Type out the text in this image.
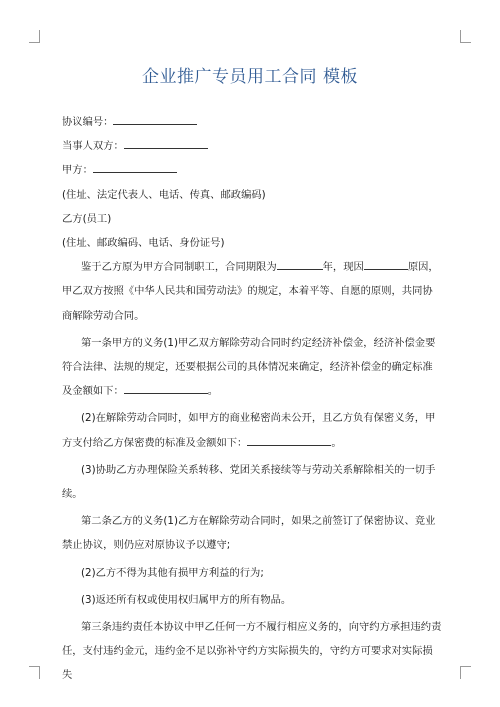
企业推广专员用工合同 模板

协议编号：

当事人双方：

甲方：

(住址、法定代表人、电话、传真、邮政编码)

乙方(员工)

(住址、邮政编码、电话、身份证号)

鉴于乙方原为甲方合同制职工，合同期限为	年，现因	原因，甲乙双方按照《中华人民共和国劳动法》的规定，本着平等、自愿的原则，共同协商解除劳动合同。

第一条甲方的义务(1)甲乙双方解除劳动合同时约定经济补偿金，经济补偿金要符合法律、法规的规定，还要根据公司的具体情况来确定，经济补偿金的确定标准及金额如下：	。

(2)在解除劳动合同时，如甲方的商业秘密尚未公开，且乙方负有保密义务，甲方支付给乙方保密费的标准及金额如下：	。

(3)协助乙方办理保险关系转移、党团关系接续等与劳动关系解除相关的一切手续。

第二条乙方的义务(1)乙方在解除劳动合同时，如果之前签订了保密协议、竞业禁止协议，则仍应对原协议予以遵守;

(2)乙方不得为其他有损甲方利益的行为;

(3)返还所有权或使用权归属甲方的所有物品。

第三条违约责任本协议中甲乙任何一方不履行相应义务的，向守约方承担违约责任，支付违约金元，违约金不足以弥补守约方实际损失的，守约方可要求对实际损失
